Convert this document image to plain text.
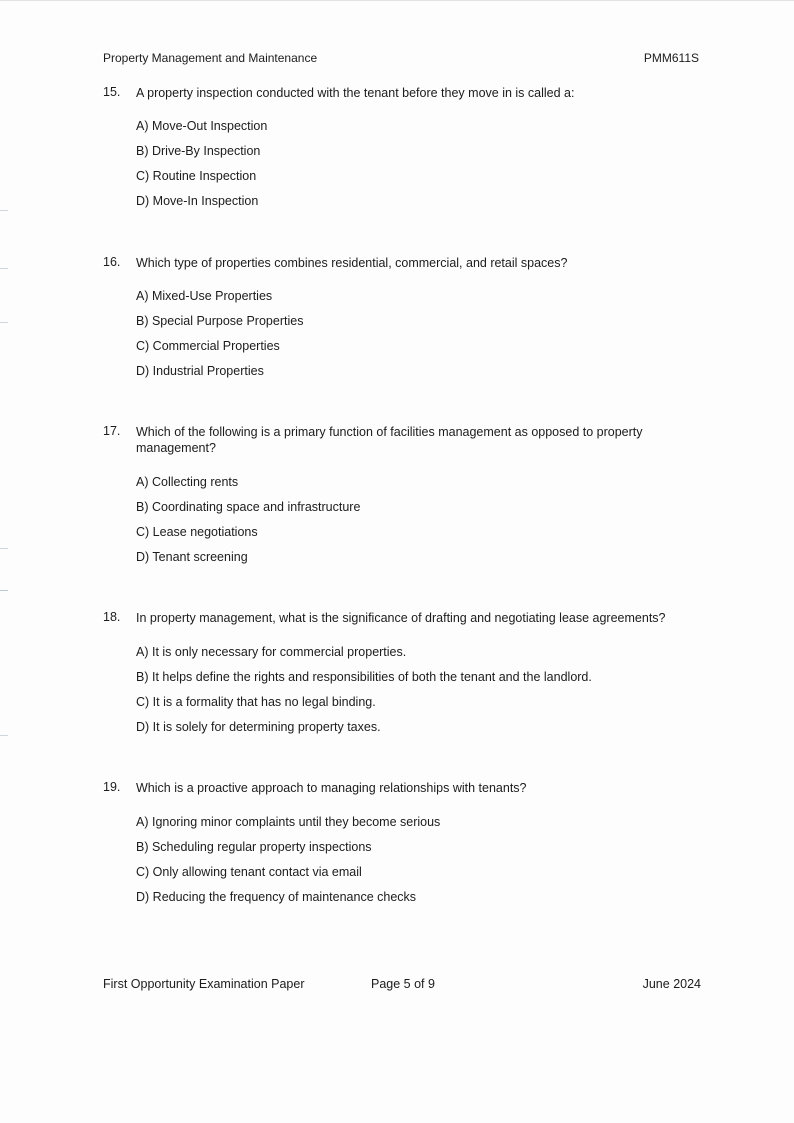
Property Management and Maintenance	PMM611S
15. A property inspection conducted with the tenant before they move in is called a:
A) Move-Out Inspection
B) Drive-By Inspection
C) Routine Inspection
D) Move-In Inspection
16. Which type of properties combines residential, commercial, and retail spaces?
A) Mixed-Use Properties
B) Special Purpose Properties
C) Commercial Properties
D) Industrial Properties
17. Which of the following is a primary function of facilities management as opposed to property management?
A) Collecting rents
B) Coordinating space and infrastructure
C) Lease negotiations
D) Tenant screening
18. In property management, what is the significance of drafting and negotiating lease agreements?
A) It is only necessary for commercial properties.
B) It helps define the rights and responsibilities of both the tenant and the landlord.
C) It is a formality that has no legal binding.
D) It is solely for determining property taxes.
19. Which is a proactive approach to managing relationships with tenants?
A) Ignoring minor complaints until they become serious
B) Scheduling regular property inspections
C) Only allowing tenant contact via email
D) Reducing the frequency of maintenance checks
First Opportunity Examination Paper	Page 5 of 9	June 2024
